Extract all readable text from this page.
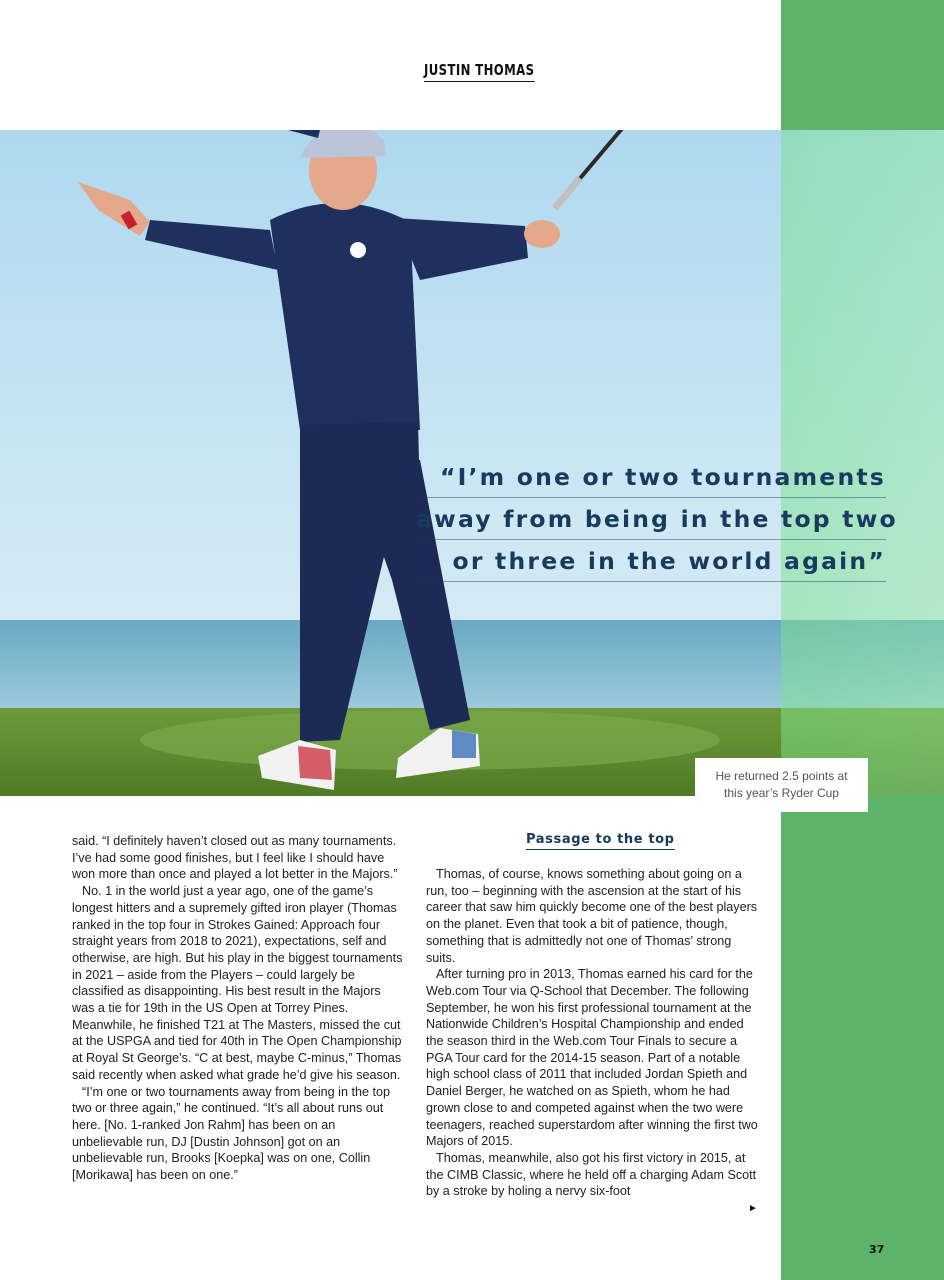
JUSTIN THOMAS
“I’m one or two tournaments
away from being in the top two
or three in the world again”
He returned 2.5 points at
this year’s Ryder Cup

said. “I definitely haven’t closed out as many tournaments. I’ve had some good finishes, but I feel like I should have won more than once and played a lot better in the Majors.”

No. 1 in the world just a year ago, one of the game’s longest hitters and a supremely gifted iron player (Thomas ranked in the top four in Strokes Gained: Approach four straight years from 2018 to 2021), expectations, self and otherwise, are high. But his play in the biggest tournaments in 2021 – aside from the Players – could largely be classified as disappointing. His best result in the Majors was a tie for 19th in the US Open at Torrey Pines. Meanwhile, he finished T21 at The Masters, missed the cut at the USPGA and tied for 40th in The Open Championship at Royal St George’s. “C at best, maybe C-minus,” Thomas said recently when asked what grade he’d give his season.

“I’m one or two tournaments away from being in the top two or three again,” he continued. “It’s all about runs out here. [No. 1-ranked Jon Rahm] has been on an unbelievable run, DJ [Dustin Johnson] got on an unbelievable run, Brooks [Koepka] was on one, Collin [Morikawa] has been on one.”

Passage to the top

Thomas, of course, knows something about going on a run, too – beginning with the ascension at the start of his career that saw him quickly become one of the best players on the planet. Even that took a bit of patience, though, something that is admittedly not one of Thomas’ strong suits.

After turning pro in 2013, Thomas earned his card for the Web.com Tour via Q-School that December. The following September, he won his first professional tournament at the Nationwide Children’s Hospital Championship and ended the season third in the Web.com Tour Finals to secure a PGA Tour card for the 2014-15 season. Part of a notable high school class of 2011 that included Jordan Spieth and Daniel Berger, he watched on as Spieth, whom he had grown close to and competed against when the two were teenagers, reached superstardom after winning the first two Majors of 2015.

Thomas, meanwhile, also got his first victory in 2015, at the CIMB Classic, where he held off a charging Adam Scott by a stroke by holing a nervy six-foot

►
37
